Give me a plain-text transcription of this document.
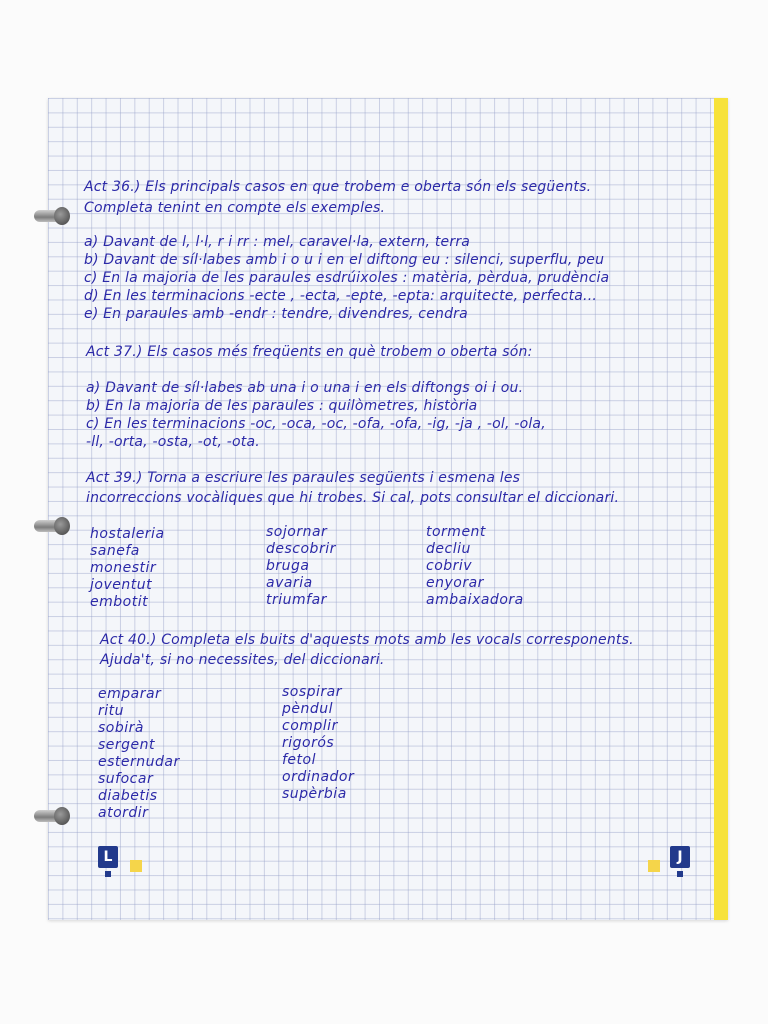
Act 36.) Els principals casos en que trobem e oberta són els següents.
Completa tenint en compte els exemples.
a) Davant de l, l·l, r i rr : mel, caravel·la, extern, terra
b) Davant de síl·labes amb i o u i en el diftong eu : silenci, superflu, peu
c) En la majoria de les paraules esdrúixoles : matèria, pèrdua, prudència
d) En les terminacions -ecte , -ecta, -epte, -epta: arquitecte, perfecta...
e) En paraules amb -endr : tendre, divendres, cendra
Act 37.) Els casos més freqüents en què trobem o oberta són:
a) Davant de síl·labes ab una i o una i en els diftongs oi i ou.
b) En la majoria de les paraules : quilòmetres, història
c) En les terminacions -oc, -oca, -oc, -ofa, -ofa, -ig, -ja , -ol, -ola,
-ll, -orta, -osta, -ot, -ota.
Act 39.) Torna a escriure les paraules següents i esmena les
incorreccions vocàliques que hi trobes. Si cal, pots consultar el diccionari.
hostaleria
sanefa
monestir
joventut
embotit
sojornar
descobrir
bruga
avaria
triumfar
torment
decliu
cobriv
enyorar
ambaixadora
Act 40.) Completa els buits d'aquests mots amb les vocals corresponents.
Ajuda't, si no necessites, del diccionari.
emparar
ritu
sobirà
sergent
esternudar
sufocar
diabetis
atordir
sospirar
pèndul
complir
rigorós
fetol
ordinador
supèrbia
L	J
